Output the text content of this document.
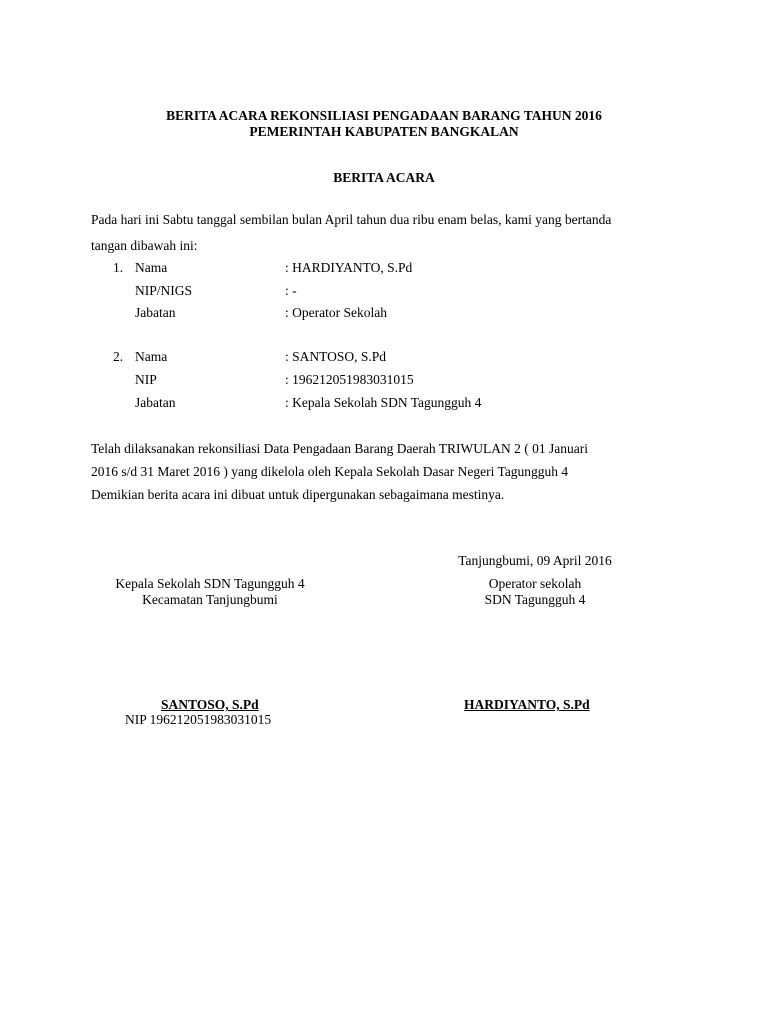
BERITA ACARA REKONSILIASI PENGADAAN BARANG TAHUN 2016
PEMERINTAH KABUPATEN BANGKALAN
BERITA ACARA
Pada hari ini Sabtu tanggal sembilan bulan April tahun dua ribu enam belas, kami yang bertanda
tangan dibawah ini:
1. Nama	: HARDIYANTO, S.Pd
NIP/NIGS	: -
Jabatan	: Operator Sekolah
2. Nama	: SANTOSO, S.Pd
NIP	: 196212051983031015
Jabatan	: Kepala Sekolah SDN Tagungguh 4
Telah dilaksanakan rekonsiliasi Data Pengadaan Barang Daerah TRIWULAN 2 ( 01 Januari
2016 s/d 31 Maret 2016 ) yang dikelola oleh Kepala Sekolah Dasar Negeri Tagungguh 4
Demikian berita acara ini dibuat untuk dipergunakan sebagaimana mestinya.
Tanjungbumi, 09 April 2016
Kepala Sekolah SDN Tagungguh 4
Kecamatan Tanjungbumi
Operator sekolah
SDN Tagungguh 4
SANTOSO, S.Pd
NIP 196212051983031015
HARDIYANTO, S.Pd
